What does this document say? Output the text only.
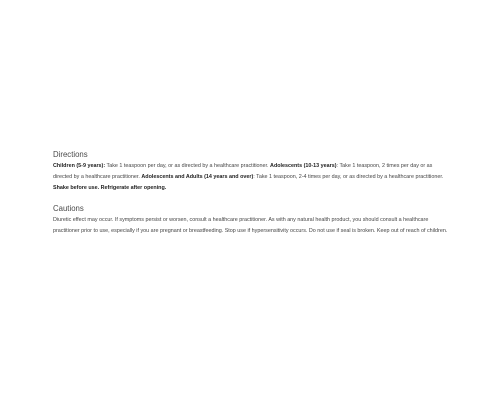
Directions

Children (5-9 years): Take 1 teaspoon per day, or as directed by a healthcare practitioner. Adolescents (10-13 years): Take 1 teaspoon, 2 times per day or as directed by a healthcare practitioner. Adolescents and Adults (14 years and over): Take 1 teaspoon, 2-4 times per day, or as directed by a healthcare practitioner. Shake before use. Refrigerate after opening.

Cautions

Diuretic effect may occur. If symptoms persist or worsen, consult a healthcare practitioner. As with any natural health product, you should consult a healthcare practitioner prior to use, especially if you are pregnant or breastfeeding. Stop use if hypersensitivity occurs. Do not use if seal is broken. Keep out of reach of children.
